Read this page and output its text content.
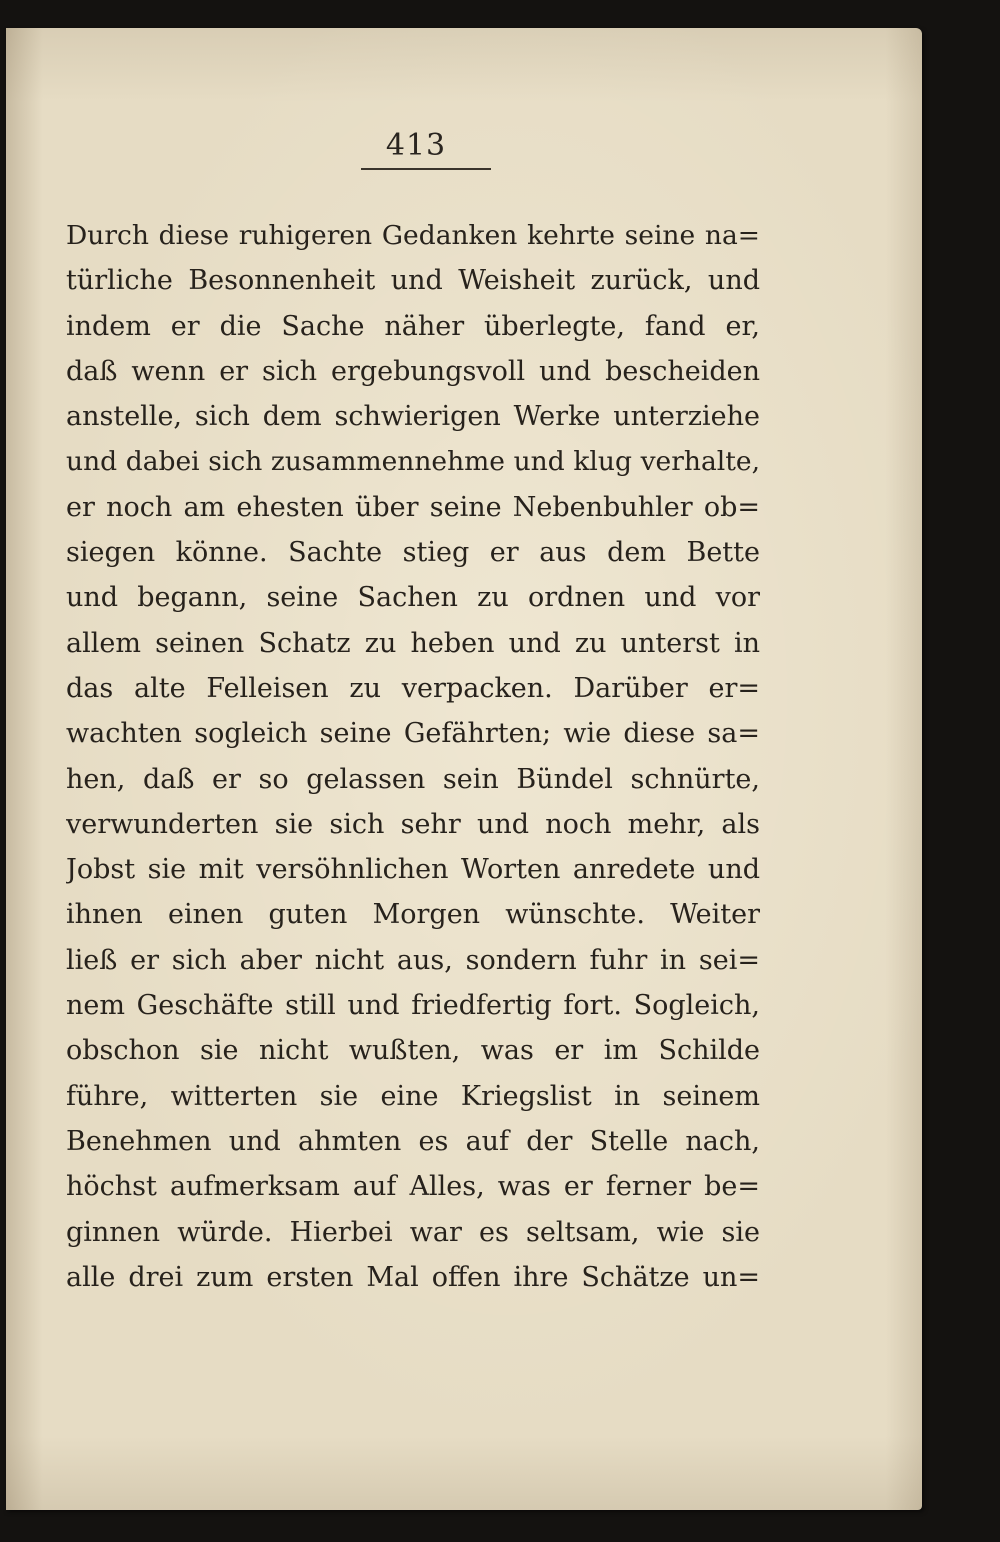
413
Durch diese ruhigeren Gedanken kehrte seine na=
türliche Besonnenheit und Weisheit zurück, und
indem er die Sache näher überlegte, fand er,
daß wenn er sich ergebungsvoll und bescheiden
anstelle, sich dem schwierigen Werke unterziehe
und dabei sich zusammennehme und klug verhalte,
er noch am ehesten über seine Nebenbuhler ob=
siegen könne. Sachte stieg er aus dem Bette
und begann, seine Sachen zu ordnen und vor
allem seinen Schatz zu heben und zu unterst in
das alte Felleisen zu verpacken. Darüber er=
wachten sogleich seine Gefährten; wie diese sa=
hen, daß er so gelassen sein Bündel schnürte,
verwunderten sie sich sehr und noch mehr, als
Jobst sie mit versöhnlichen Worten anredete und
ihnen einen guten Morgen wünschte. Weiter
ließ er sich aber nicht aus, sondern fuhr in sei=
nem Geschäfte still und friedfertig fort. Sogleich,
obschon sie nicht wußten, was er im Schilde
führe, witterten sie eine Kriegslist in seinem
Benehmen und ahmten es auf der Stelle nach,
höchst aufmerksam auf Alles, was er ferner be=
ginnen würde. Hierbei war es seltsam, wie sie
alle drei zum ersten Mal offen ihre Schätze un=
